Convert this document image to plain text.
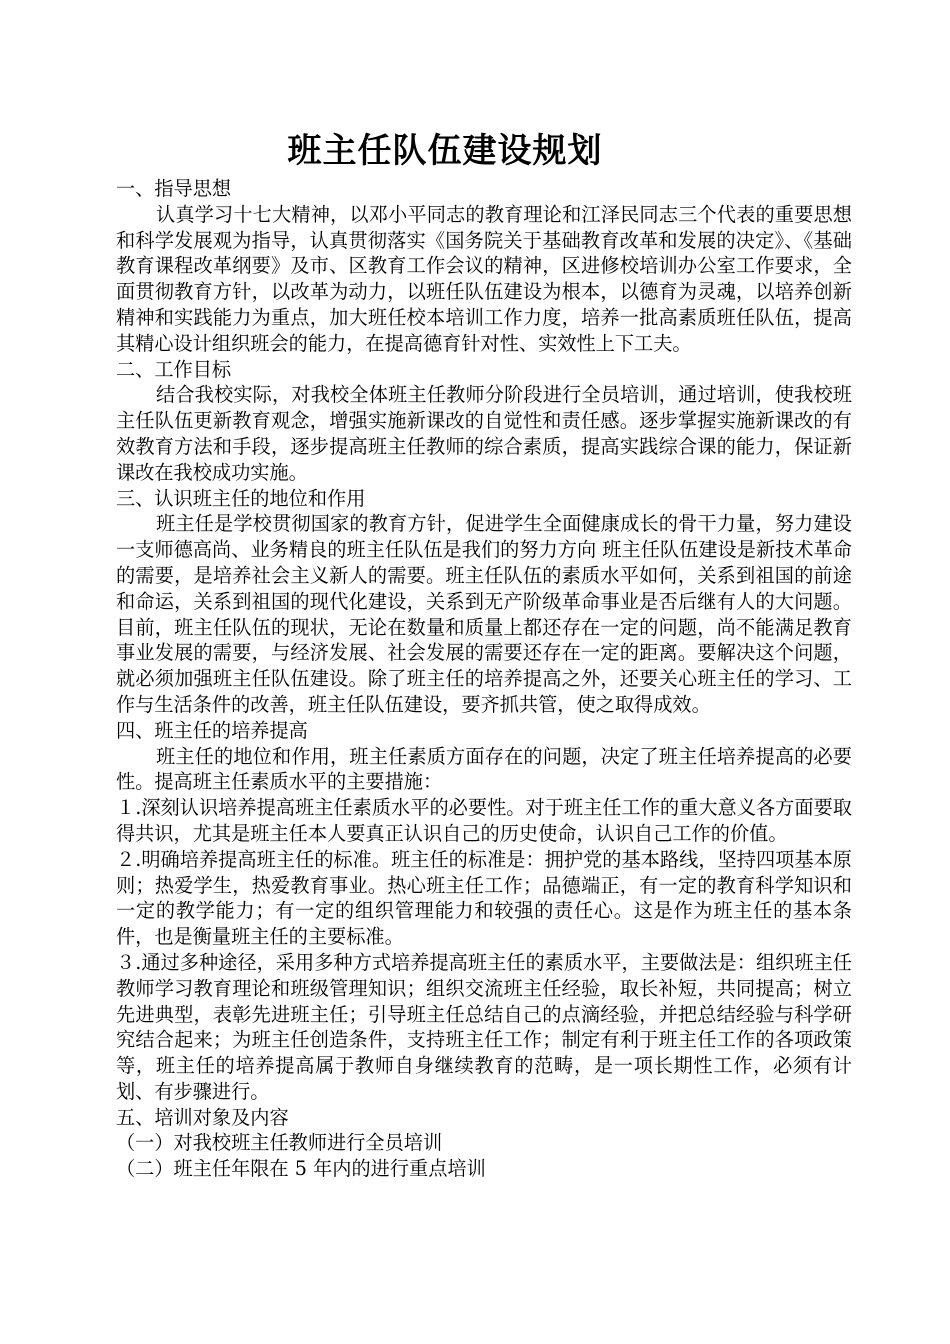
班主任队伍建设规划

一、指导思想

认真学习十七大精神，以邓小平同志的教育理论和江泽民同志三个代表的重要思想和科学发展观为指导，认真贯彻落实《国务院关于基础教育改革和发展的决定》、《基础教育课程改革纲要》及市、区教育工作会议的精神，区进修校培训办公室工作要求，全面贯彻教育方针，以改革为动力，以班任队伍建设为根本，以德育为灵魂，以培养创新精神和实践能力为重点，加大班任校本培训工作力度，培养一批高素质班任队伍，提高其精心设计组织班会的能力，在提高德育针对性、实效性上下工夫。

二、工作目标

结合我校实际，对我校全体班主任教师分阶段进行全员培训，通过培训，使我校班主任队伍更新教育观念，增强实施新课改的自觉性和责任感。逐步掌握实施新课改的有效教育方法和手段，逐步提高班主任教师的综合素质，提高实践综合课的能力，保证新课改在我校成功实施。

三、认识班主任的地位和作用

班主任是学校贯彻国家的教育方针，促进学生全面健康成长的骨干力量，努力建设一支师德高尚、业务精良的班主任队伍是我们的努力方向 班主任队伍建设是新技术革命的需要，是培养社会主义新人的需要。班主任队伍的素质水平如何，关系到祖国的前途和命运，关系到祖国的现代化建设，关系到无产阶级革命事业是否后继有人的大问题。目前，班主任队伍的现状，无论在数量和质量上都还存在一定的问题，尚不能满足教育事业发展的需要，与经济发展、社会发展的需要还存在一定的距离。要解决这个问题，就必须加强班主任队伍建设。除了班主任的培养提高之外，还要关心班主任的学习、工作与生活条件的改善，班主任队伍建设，要齐抓共管，使之取得成效。

四、班主任的培养提高

班主任的地位和作用，班主任素质方面存在的问题，决定了班主任培养提高的必要性。提高班主任素质水平的主要措施：

１.深刻认识培养提高班主任素质水平的必要性。对于班主任工作的重大意义各方面要取得共识，尤其是班主任本人要真正认识自己的历史使命，认识自己工作的价值。

２.明确培养提高班主任的标准。班主任的标准是：拥护党的基本路线，坚持四项基本原则；热爱学生，热爱教育事业。热心班主任工作；品德端正，有一定的教育科学知识和一定的教学能力；有一定的组织管理能力和较强的责任心。这是作为班主任的基本条件，也是衡量班主任的主要标准。

３.通过多种途径，采用多种方式培养提高班主任的素质水平，主要做法是：组织班主任教师学习教育理论和班级管理知识；组织交流班主任经验，取长补短，共同提高；树立先进典型，表彰先进班主任；引导班主任总结自己的点滴经验，并把总结经验与科学研究结合起来；为班主任创造条件，支持班主任工作；制定有利于班主任工作的各项政策等，班主任的培养提高属于教师自身继续教育的范畴，是一项长期性工作，必须有计划、有步骤进行。

五、培训对象及内容

（一）对我校班主任教师进行全员培训

（二）班主任年限在 5 年内的进行重点培训
